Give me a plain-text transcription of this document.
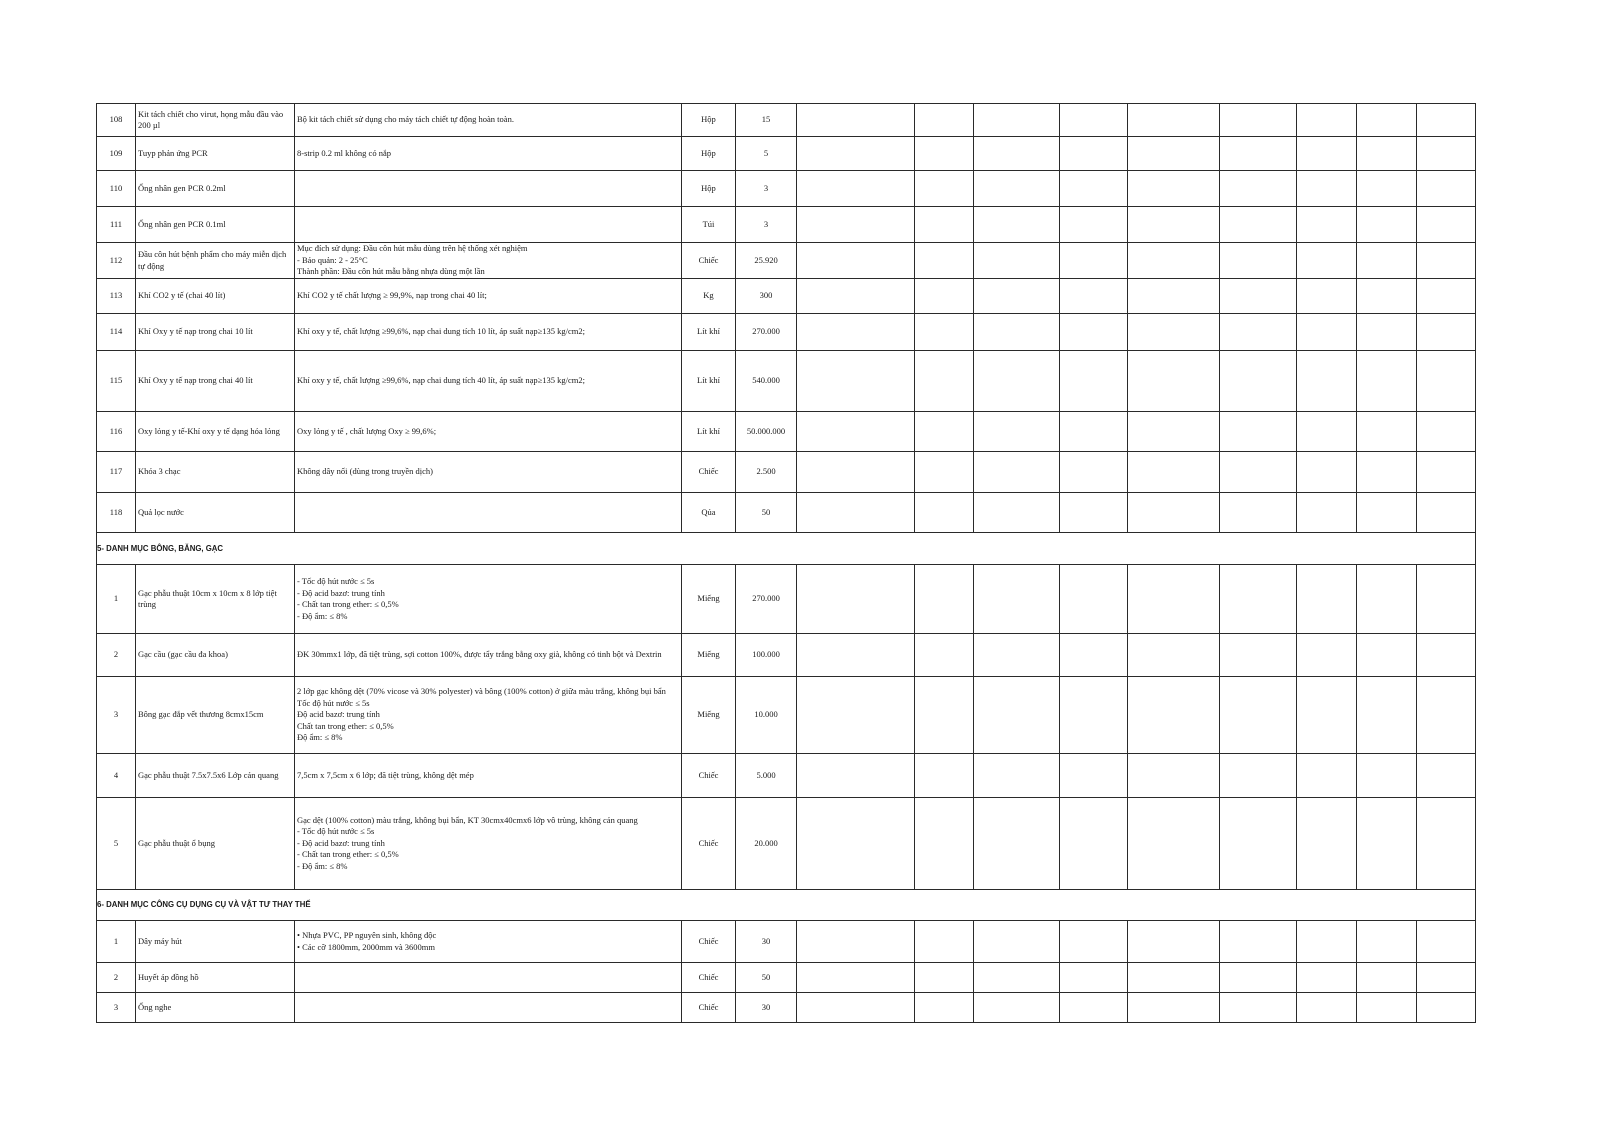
108	Kit tách chiết cho virut, họng mẫu đầu vào 200 µl	Bộ kit tách chiết sử dụng cho máy tách chiết tự động hoàn toàn.	Hộp	15									
109	Tuyp phản ứng PCR	8-strip 0.2 ml không có nắp	Hộp	5									
110	Ống nhân gen PCR 0.2ml		Hộp	3									
111	Ống nhân gen PCR 0.1ml		Túi	3									
112	Đầu côn hút bệnh phẩm cho máy miễn dịch tự động	Mục đích sử dụng: Đầu côn hút mẫu dùng trên hệ thống xét nghiệm
- Bảo quản: 2 - 25°C
Thành phần: Đầu côn hút mẫu bằng nhựa dùng một lần	Chiếc	25.920									
113	Khí CO2 y tế (chai 40 lít)	Khí CO2 y tế chất lượng ≥ 99,9%, nạp trong chai 40 lít;	Kg	300									
114	Khí Oxy y tế nạp trong chai 10 lít	Khí oxy y tế, chất lượng ≥99,6%, nạp chai dung tích 10 lít, áp suất nạp≥135 kg/cm2;	Lít khí	270.000									
115	Khí Oxy y tế nạp trong chai 40 lít	Khí oxy y tế, chất lượng ≥99,6%, nạp chai dung tích 40 lít, áp suất nạp≥135 kg/cm2;	Lít khí	540.000									
116	Oxy lỏng y tế-Khí oxy y tế dạng hóa lỏng	Oxy lỏng y tế , chất lượng Oxy ≥ 99,6%;	Lít khí	50.000.000									
117	Khóa 3 chạc	Không dây nối (dùng trong truyền dịch)	Chiếc	2.500									
118	Quả lọc nước		Qủa	50									
5- DANH MỤC BÔNG, BĂNG, GẠC													
1	Gạc phẫu thuật 10cm x 10cm x 8 lớp tiệt trùng	- Tốc độ hút nước ≤ 5s
- Độ acid bazơ: trung tính
- Chất tan trong ether: ≤ 0,5%
- Độ ẩm: ≤ 8%	Miếng	270.000									
2	Gạc cầu (gạc cầu đa khoa)	ĐK 30mmx1 lớp, đã tiệt trùng, sợi cotton 100%, được tẩy trắng bằng oxy già, không có tinh bột và Dextrin	Miếng	100.000									
3	Bông gạc đắp vết thương 8cmx15cm	2 lớp gạc không dệt (70% vicose và 30% polyester) và bông (100% cotton) ở giữa màu trắng, không bụi bẩn
Tốc độ hút nước ≤ 5s
Độ acid bazơ: trung tính
Chất tan trong ether: ≤ 0,5%
Độ ẩm: ≤ 8%	Miếng	10.000									
4	Gạc phẫu thuật 7.5x7.5x6 Lớp cản quang	7,5cm x 7,5cm x 6 lớp; đã tiệt trùng, không dệt mép	Chiếc	5.000									
5	Gạc phẫu thuật ổ bụng	Gạc dệt (100% cotton) màu trắng, không bụi bẩn, KT 30cmx40cmx6 lớp vô trùng, không cản quang
- Tốc độ hút nước ≤ 5s
- Độ acid bazơ: trung tính
- Chất tan trong ether: ≤ 0,5%
- Độ ẩm: ≤ 8%	Chiếc	20.000									
6- DANH MỤC CÔNG CỤ DỤNG CỤ VÀ VẬT TƯ THAY THẾ													
1	Dây máy hút	• Nhựa PVC, PP nguyên sinh, không độc
• Các cỡ 1800mm, 2000mm và 3600mm	Chiếc	30									
2	Huyết áp đồng hồ		Chiếc	50									
3	Ống nghe		Chiếc	30									
